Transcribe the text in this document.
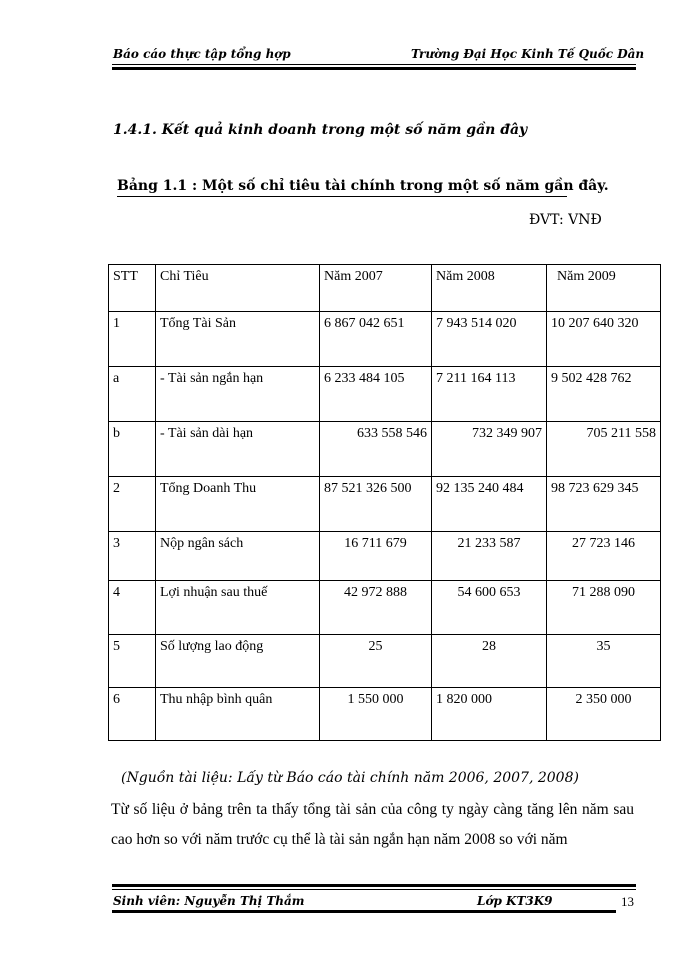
Báo cáo thực tập tổng hợp	Trường Đại Học Kinh Tế Quốc Dân
1.4.1. Kết quả kinh doanh trong một số năm gần đây
Bảng 1.1 : Một số chỉ tiêu tài chính trong một số năm gần đây.
ĐVT: VNĐ
STT	Chỉ Tiêu	Năm 2007	Năm 2008	Năm 2009
1	Tổng Tài Sản	6 867 042 651	7 943 514 020	10 207 640 320
a	- Tài sản ngắn hạn	6 233 484 105	7 211 164 113	9 502 428 762
b	- Tài sản dài hạn	633 558 546	732 349 907	705 211 558
2	Tổng Doanh Thu	87 521 326 500	92 135 240 484	98 723 629 345
3	Nộp ngân sách	16 711 679	21 233 587	27 723 146
4	Lợi nhuận sau thuế	42 972 888	54 600 653	71 288 090
5	Số lượng lao động	25	28	35
6	Thu nhập bình quân	1 550 000	1 820 000	2 350 000
(Nguồn tài liệu: Lấy từ Báo cáo tài chính năm 2006, 2007, 2008)
Từ số liệu ở bảng trên ta thấy tổng tài sản của công ty ngày càng tăng lên năm sau cao hơn so với năm trước cụ thể là tài sản ngắn hạn năm 2008 so với năm
Sinh viên: Nguyễn Thị Thắm	Lớp KT3K9	13
